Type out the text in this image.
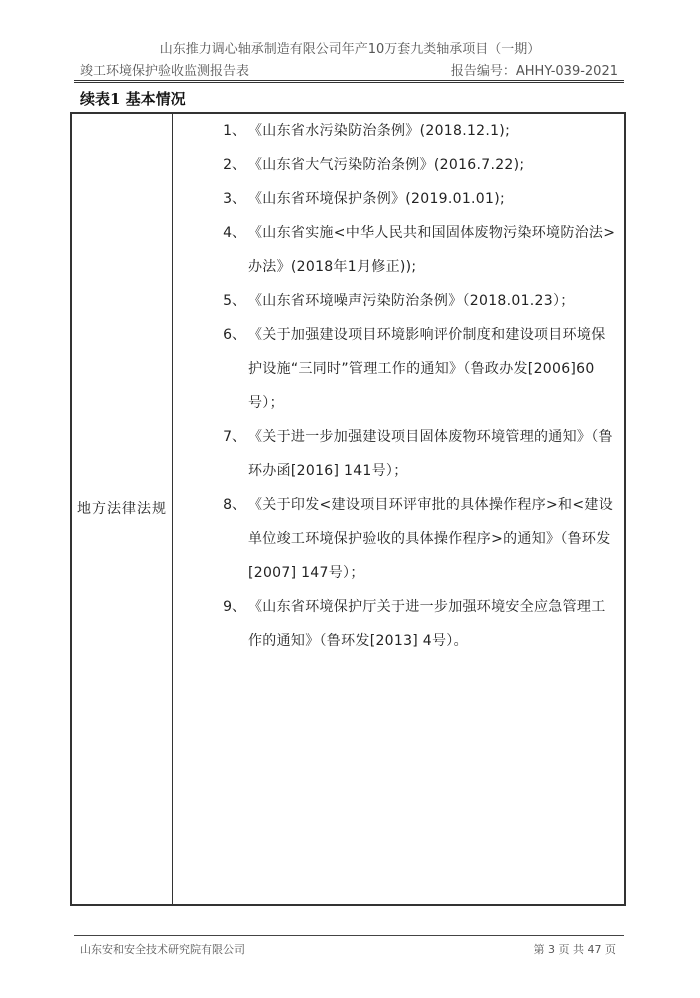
山东推力调心轴承制造有限公司年产10万套九类轴承项目（一期）
竣工环境保护验收监测报告表	报告编号：AHHY-039-2021
续表1 基本情况
地方法律法规
1、 《山东省水污染防治条例》(2018.12.1);
2、 《山东省大气污染防治条例》(2016.7.22);
3、 《山东省环境保护条例》(2019.01.01);
4、 《山东省实施<中华人民共和国固体废物污染环境防治法>办法》(2018年1月修正));
5、 《山东省环境噪声污染防治条例》（2018.01.23）；
6、 《关于加强建设项目环境影响评价制度和建设项目环境保护设施“三同时”管理工作的通知》（鲁政办发[2006]60号）；
7、 《关于进一步加强建设项目固体废物环境管理的通知》（鲁环办函[2016] 141号）；
8、 《关于印发<建设项目环评审批的具体操作程序>和<建设单位竣工环境保护验收的具体操作程序>的通知》（鲁环发[2007] 147号）；
9、 《山东省环境保护厅关于进一步加强环境安全应急管理工作的通知》（鲁环发[2013] 4号）。
山东安和安全技术研究院有限公司	第 3 页 共 47 页
